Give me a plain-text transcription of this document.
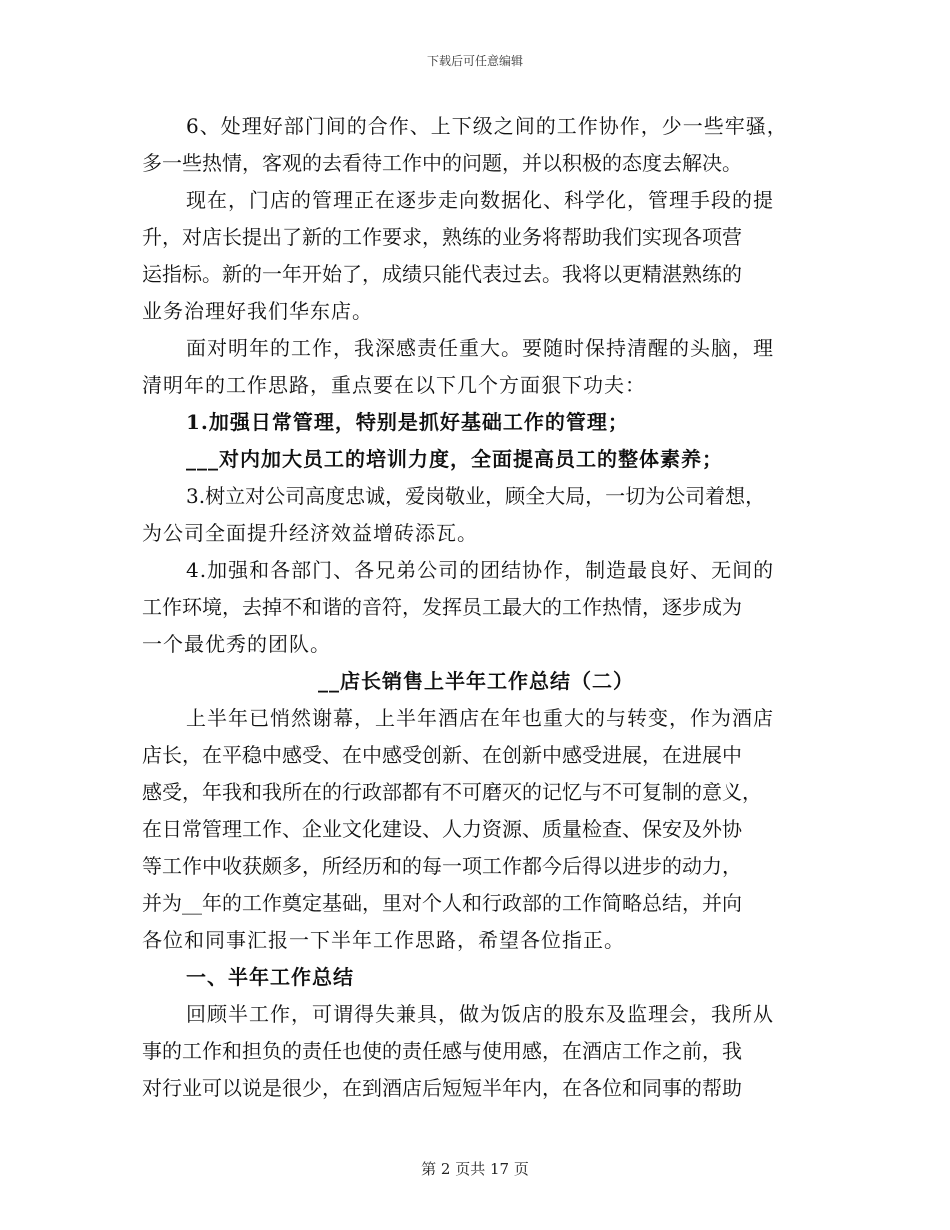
下载后可任意编辑
6、处理好部门间的合作、上下级之间的工作协作，少一些牢骚，
多一些热情，客观的去看待工作中的问题，并以积极的态度去解决。
现在，门店的管理正在逐步走向数据化、科学化，管理手段的提
升，对店长提出了新的工作要求，熟练的业务将帮助我们实现各项营
运指标。新的一年开始了，成绩只能代表过去。我将以更精湛熟练的
业务治理好我们华东店。
面对明年的工作，我深感责任重大。要随时保持清醒的头脑，理
清明年的工作思路，重点要在以下几个方面狠下功夫：
1.加强日常管理，特别是抓好基础工作的管理；
___对内加大员工的培训力度，全面提高员工的整体素养；
3.树立对公司高度忠诚，爱岗敬业，顾全大局，一切为公司着想，
为公司全面提升经济效益增砖添瓦。
4.加强和各部门、各兄弟公司的团结协作，制造最良好、无间的
工作环境，去掉不和谐的音符，发挥员工最大的工作热情，逐步成为
一个最优秀的团队。
__店长销售上半年工作总结（二）
上半年已悄然谢幕，上半年酒店在年也重大的与转变，作为酒店
店长，在平稳中感受、在中感受创新、在创新中感受进展，在进展中
感受，年我和我所在的行政部都有不可磨灭的记忆与不可复制的意义，
在日常管理工作、企业文化建设、人力资源、质量检查、保安及外协
等工作中收获颇多，所经历和的每一项工作都今后得以进步的动力，
并为__年的工作奠定基础，里对个人和行政部的工作简略总结，并向
各位和同事汇报一下半年工作思路，希望各位指正。
一、半年工作总结
回顾半工作，可谓得失兼具，做为饭店的股东及监理会，我所从
事的工作和担负的责任也使的责任感与使用感，在酒店工作之前，我
对行业可以说是很少，在到酒店后短短半年内，在各位和同事的帮助
第 2 页共 17 页
